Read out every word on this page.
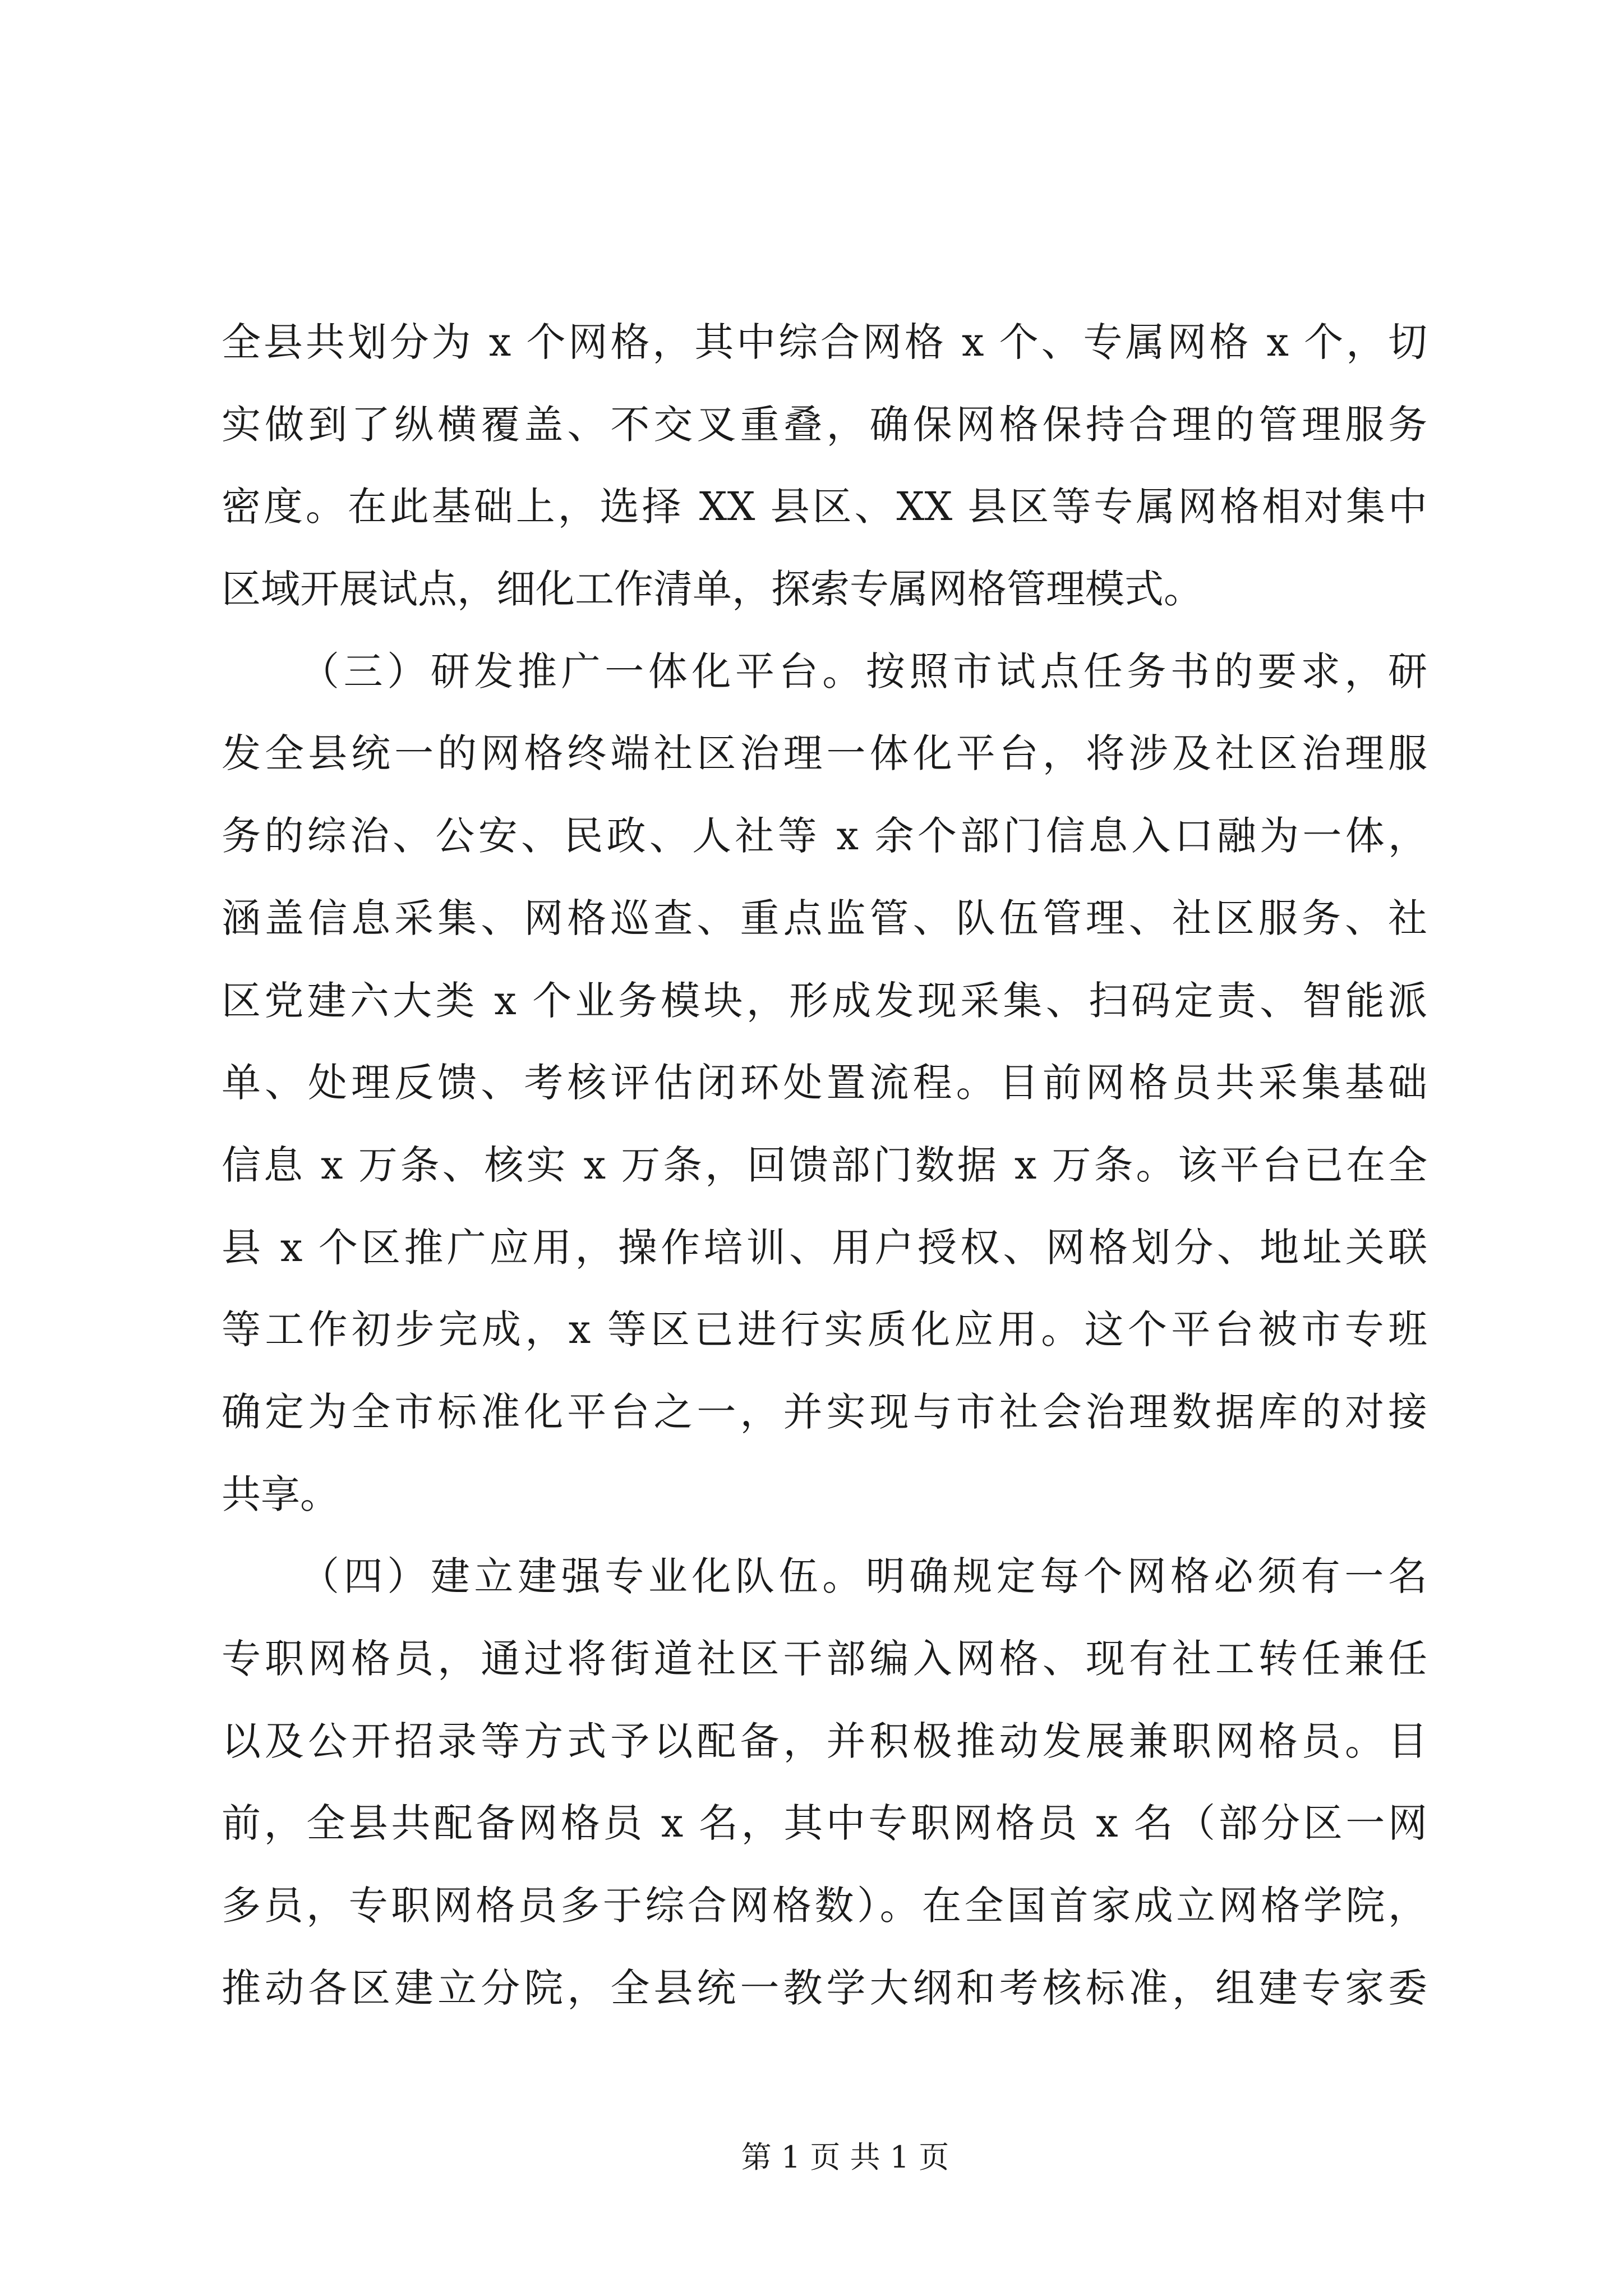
全县共划分为 x 个网格，其中综合网格 x 个、专属网格 x 个，切
实做到了纵横覆盖、不交叉重叠，确保网格保持合理的管理服务
密度。在此基础上，选择 XX 县区、XX 县区等专属网格相对集中
区域开展试点，细化工作清单，探索专属网格管理模式。
（三）研发推广一体化平台。按照市试点任务书的要求，研
发全县统一的网格终端社区治理一体化平台，将涉及社区治理服
务的综治、公安、民政、人社等 x 余个部门信息入口融为一体，
涵盖信息采集、网格巡查、重点监管、队伍管理、社区服务、社
区党建六大类 x 个业务模块，形成发现采集、扫码定责、智能派
单、处理反馈、考核评估闭环处置流程。目前网格员共采集基础
信息 x 万条、核实 x 万条，回馈部门数据 x 万条。该平台已在全
县 x 个区推广应用，操作培训、用户授权、网格划分、地址关联
等工作初步完成，x 等区已进行实质化应用。这个平台被市专班
确定为全市标准化平台之一，并实现与市社会治理数据库的对接
共享。
（四）建立建强专业化队伍。明确规定每个网格必须有一名
专职网格员，通过将街道社区干部编入网格、现有社工转任兼任
以及公开招录等方式予以配备，并积极推动发展兼职网格员。目
前，全县共配备网格员 x 名，其中专职网格员 x 名（部分区一网
多员，专职网格员多于综合网格数）。在全国首家成立网格学院，
推动各区建立分院，全县统一教学大纲和考核标准，组建专家委
第 1 页 共 1 页
